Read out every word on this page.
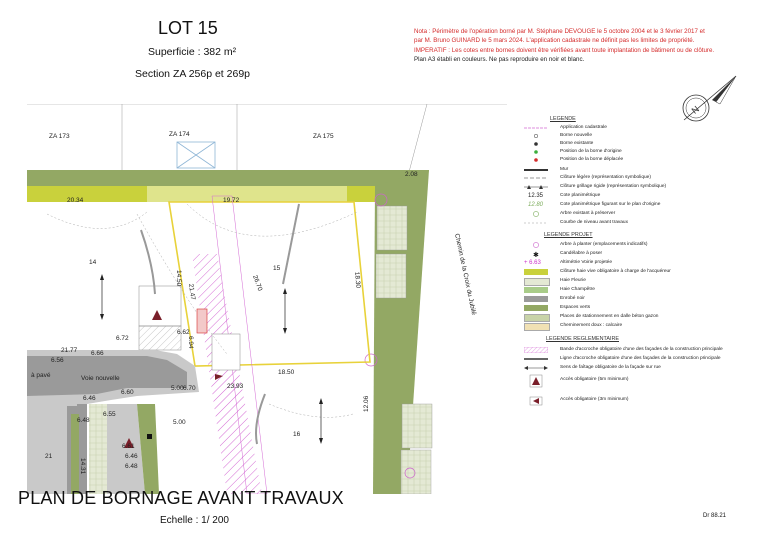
LOT 15
Superficie : 382 m²
Section ZA 256p et 269p
Nota : Périmètre de l'opération borné par M. Stéphane DEVOUGE le 5 octobre 2004 et le 3 février 2017 et
par M. Bruno GUINARD le 5 mars 2024. L'application cadastrale ne définit pas les limites de propriété.
IMPERATIF : Les cotes entre bornes doivent être vérifiées avant toute implantation de bâtiment ou de clôture.
Plan A3 établi en couleurs. Ne pas reproduire en noir et blanc.
N
ZA 173	ZA 174	ZA 175
Chemin de la Croix du Jubilé
Voie nouvelle
à pavé
14
15
16
21
20.34	19.72
2.08
14.50
21.47
18.30
23.93
18.50
21.77
5.00
12.06
5.00
14.31
6.94
26.70
6.62
6.56
6.66
6.72
6.70
6.60
6.46
6.48
6.55
6.46
6.48
6.61
LEGENDE
Application cadastrale
Borne nouvelle
Borne existante
Position de la borne d'origine
Position de la borne déplacée
Mur
Clôture légère (représentation symbolique)
Clôture grillage rigide (représentation symbolique)
12.35	Cote planimétrique
12.80	Cote planimétrique figurant sur le plan d'origine
Arbre existant à préserver
Courbe de niveau avant travaux
LEGENDE PROJET
Arbre à planter (emplacements indicatifs)
✱	Candélabre à poser
+ 6.63	Altimétrie Voirie projetée
Clôture haie vive obligatoire à charge de l'acquéreur
Haie Fleurie
Haie Champêtre
Enrobé noir
Espaces verts
Places de stationnement en dalle béton gazon
Cheminement doux : calcaire
LEGENDE REGLEMENTAIRE
Bande d'accroche obligatoire d'une des façades de la construction principale
Ligne d'accroche obligatoire d'une des façades de la construction principale
Sens de faîtage obligatoire de la façade sur rue
Accès obligatoire (5m minimum)
Accès obligatoire (3m minimum)
PLAN DE BORNAGE AVANT TRAVAUX
Echelle : 1/ 200	Dr 88.21
